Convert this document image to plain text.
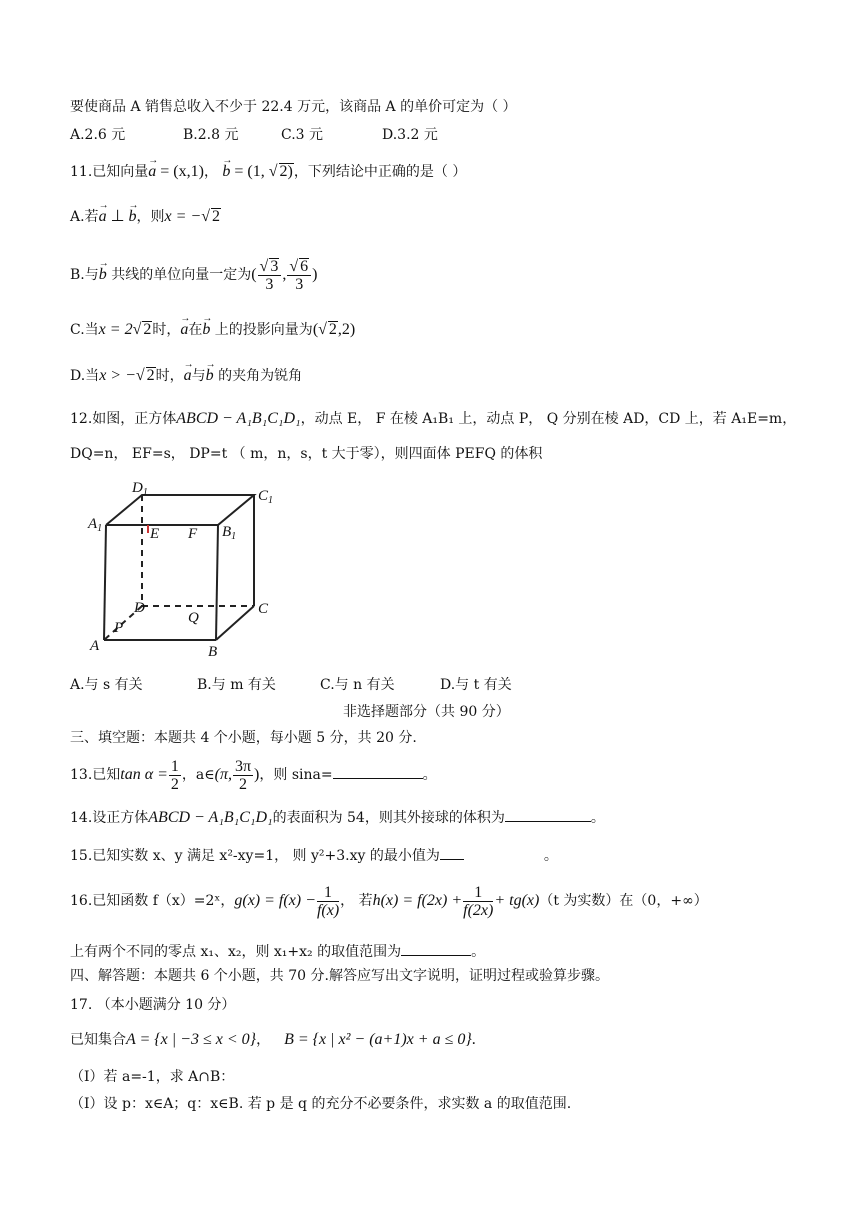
要使商品 A 销售总收入不少于 22.4 万元，该商品 A 的单价可定为（ ）
A.2.6 元	B.2.8 元	C.3 元	D.3.2 元
11.已知向量→ a = (x,1)， → b = (1, √ 2)，下列结论中正确的是（ ）
A.若→ a ⊥ → b，则x = −√ 2
B.与→ b 共线的单位向量一定为( $\frac{√ 3}{3}$ , $\frac{√ 6}{3}$ )
C.当x = 2√ 2时，→ a在→ b 上的投影向量为(√ 2,2)
D.当x > −√ 2时，→ a与→ b 的夹角为锐角
12.如图，正方体ABCD − A₁B₁C₁D₁，动点 E， F 在棱 A₁B₁ 上，动点 P， Q 分别在棱 AD，CD 上，若 A₁E=m，
DQ=n， EF=s， DP=t （ m，n，s，t 大于零），则四面体 PEFQ 的体积
$D_1$	$C_1$
$A_1$	$B_1$
E F
D	C
Q
P
A	B
A.与 s 有关	B.与 m 有关	C.与 n 有关	D.与 t 有关
非选择题部分（共 90 分）
三、填空题：本题共 4 个小题，每小题 5 分，共 20 分.
13.已知$\tan \alpha = \frac{1}{2}$ ，a∈(π, $\frac{3\pi}{2}$ )，则 sina=	。
14.设正方体ABCD − A₁B₁C₁D₁的表面积为 54，则其外接球的体积为	。
15.已知实数 x、y 满足 x²-xy=1， 则 y²+3.xy 的最小值为	。
16.已知函数 f（x）=2ˣ，$g(x) = f(x) - \frac{1}{f(x)}$ ， 若$h(x) = f(2x) + \frac{1}{f(2x)} + tg(x)(t$ 为实数）在（0，+∞）
上有两个不同的零点 x₁、x₂，则 x₁+x₂ 的取值范围为	。
四、解答题：本题共 6 个小题，共 70 分.解答应写出文字说明，证明过程或验算步骤。
17. （本小题满分 10 分）
已知集合A = {x | −3 ≤ x < 0}， B = {x | x² − (a+1)x + a ≤ 0}.
（I）若 a=-1，求 A∩B：
（I）设 p：x∈A；q：x∈B. 若 p 是 q 的充分不必要条件，求实数 a 的取值范围.
